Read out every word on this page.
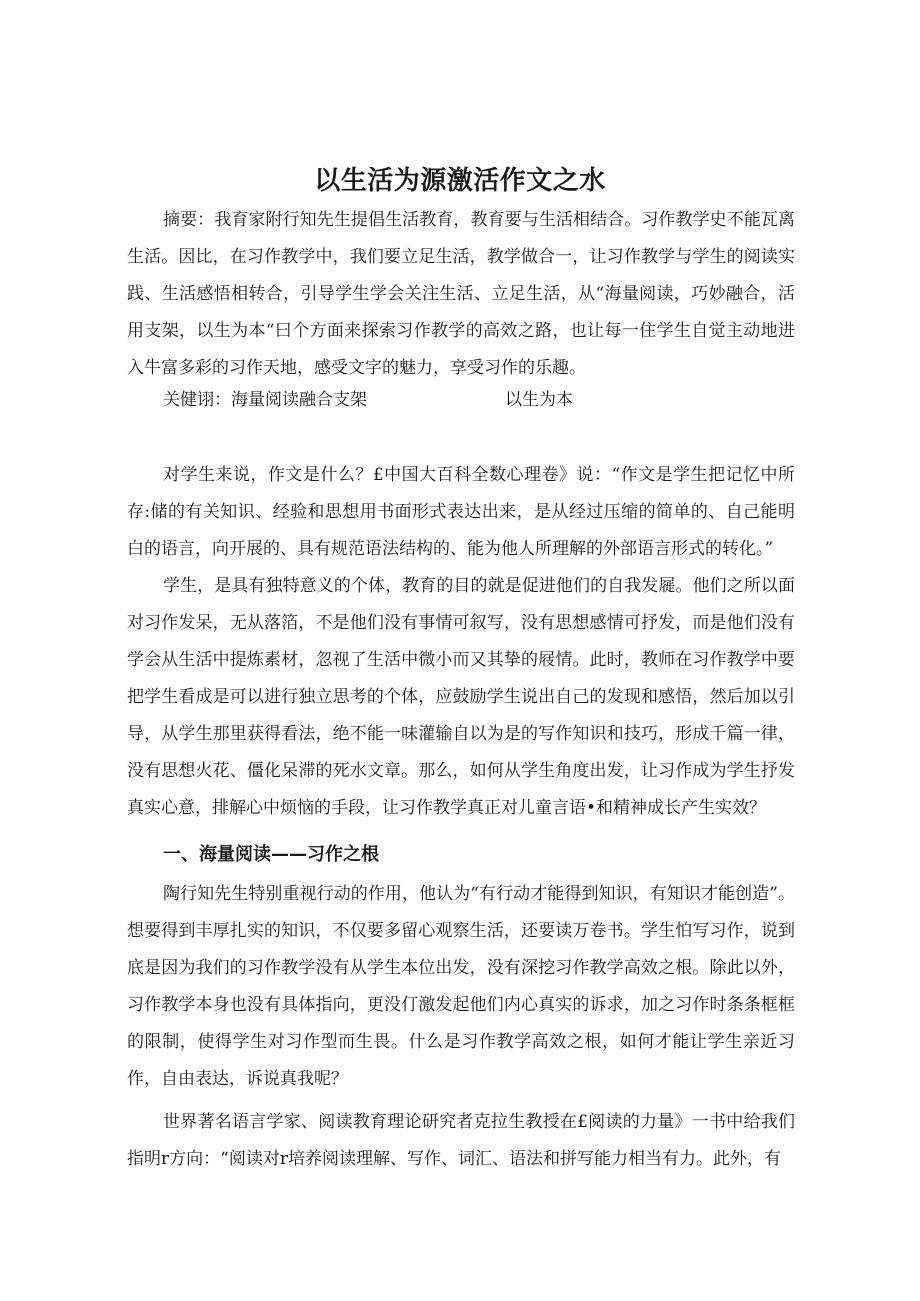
以生活为源激活作文之水

摘要：我育家附行知先生提倡生活教育，教育要与生活相结合。习作教学史不能瓦离生活。因比，在习作教学中，我们要立足生活，教学做合一，让习作教学与学生的阅读实践、生活感悟相转合，引导学生学会关注生活、立足生活，从“海量阅读，巧妙融合，活用支架，以生为本“曰个方面来探索习作教学的高效之路，也让每一住学生自觉主动地进入牛富多彩的习作天地，感受文字的魅力，享受习作的乐趣。

关健诩：海量阅读融合支架	以生为本

对学生来说，作文是什么？£中国大百科全数心理卷》说：“作文是学生把记忆中所存:储的有关知识、经验和思想用书面形式表达出来，是从经过压缩的简单的、自己能明白的语言，向开展的、具有规范语法结构的、能为他人所理解的外部语言形式的转化。”

学生，是具有独特意义的个体，教育的目的就是促进他们的自我发屣。他们之所以面对习作发呆，无从落箔，不是他们没有事情可叙写，没有思想感情可抒发，而是他们没有学会从生活中提炼素材，忽视了生活中微小而又其挚的屐情。此时，教师在习作教学中要把学生看成是可以进行独立思考的个体，应鼓励学生说出自己的发现和感悟，然后加以引导，从学生那里获得看法，绝不能一味灌输自以为是的写作知识和技巧，形成千篇一律，没有思想火花、僵化呆滞的死水文章。那么，如何从学生角度出发，让习作成为学生抒发真实心意，排解心中烦恼的手段，让习作教学真正对儿童言语•和精神成长产生实效？

一、海量阅读——习作之根

陶行知先生特别重视行动的作用，他认为“有行动才能得到知识，有知识才能创造”。想要得到丰厚扎实的知识，不仅要多留心观察生活，还要读万卷书。学生怕写习作，说到底是因为我们的习作教学没有从学生本位出发，没有深挖习作教学高效之根。除此以外，习作教学本身也没有具体指向，更没仃激发起他们内心真实的诉求，加之习作时条条框框的限制，使得学生对习作型而生畏。什么是习作教学高效之根，如何才能让学生亲近习作，自由表达，诉说真我呢？

世界著名语言学家、阅读教育理论研究者克拉生教授在£阅读的力量》一书中给我们指明r方向：“阅读对r培养阅读理解、写作、词汇、语法和拼写能力相当有力。此外，有
